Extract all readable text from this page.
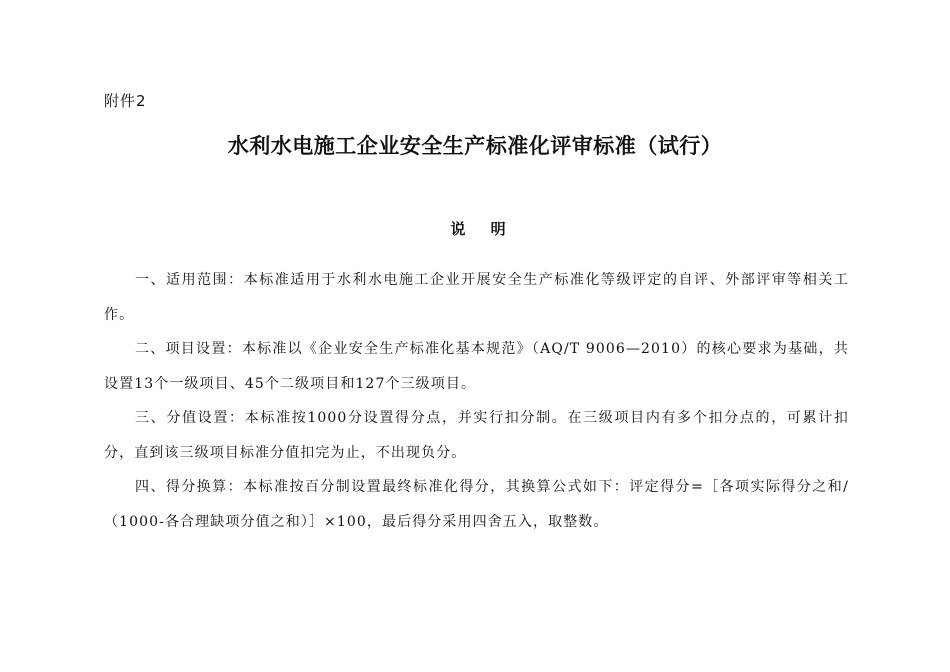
附件2
水利水电施工企业安全生产标准化评审标准（试行）
说 明

一、适用范围：本标准适用于水利水电施工企业开展安全生产标准化等级评定的自评、外部评审等相关工作。

二、项目设置：本标准以《企业安全生产标准化基本规范》（AQ/T 9006—2010）的核心要求为基础，共设置13个一级项目、45个二级项目和127个三级项目。

三、分值设置：本标准按1000分设置得分点，并实行扣分制。在三级项目内有多个扣分点的，可累计扣分，直到该三级项目标准分值扣完为止，不出现负分。

四、得分换算：本标准按百分制设置最终标准化得分，其换算公式如下：评定得分=［各项实际得分之和/（1000-各合理缺项分值之和）］×100，最后得分采用四舍五入，取整数。
